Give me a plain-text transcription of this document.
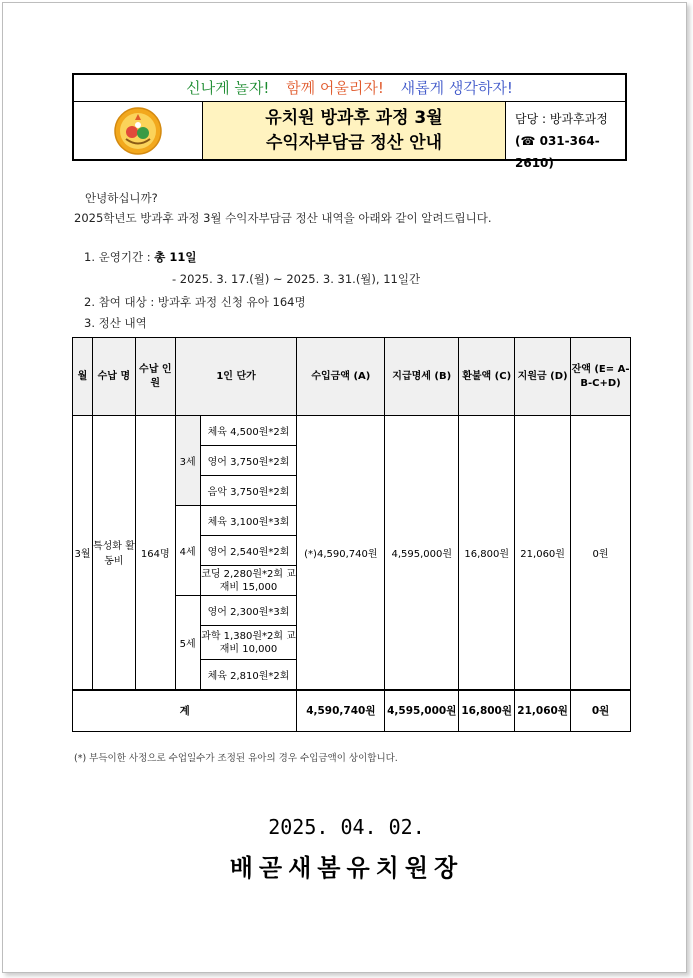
신나게 놀자! 함께 어울리자! 새롭게 생각하자!
유치원 방과후 과정 3월
수익자부담금 정산 안내
담당 : 방과후과정
(☎ 031-364-2610)
안녕하십니까?
2025학년도 방과후 과정 3월 수익자부담금 정산 내역을 아래와 같이 알려드립니다.
1. 운영기간 : 총 11일
- 2025. 3. 17.(월) ~ 2025. 3. 31.(월), 11일간
2. 참여 대상 : 방과후 과정 신청 유아 164명
3. 정산 내역
월	수납 명	수납 인원	1인 단가		수입금액 (A)	지급명세 (B)	환불액 (C)	지원금 (D)	잔액 (E= A-B-C+D)
3월	특성화 활동비	164명	3세	체육 4,500원*2회	(*)4,590,740원	4,595,000원	16,800원	21,060원	0원
				영어 3,750원*2회					
				음악 3,750원*2회					
			4세	체육 3,100원*3회					
				영어 2,540원*2회					
				코딩 2,280원*2회 교재비 15,000					
			5세	영어 2,300원*3회					
				과학 1,380원*2회 교재비 10,000					
				체육 2,810원*2회					
계					4,590,740원	4,595,000원	16,800원	21,060원	0원
(*) 부득이한 사정으로 수업일수가 조정된 유아의 경우 수입금액이 상이합니다.
2025. 04. 02.
배곧새봄유치원장
